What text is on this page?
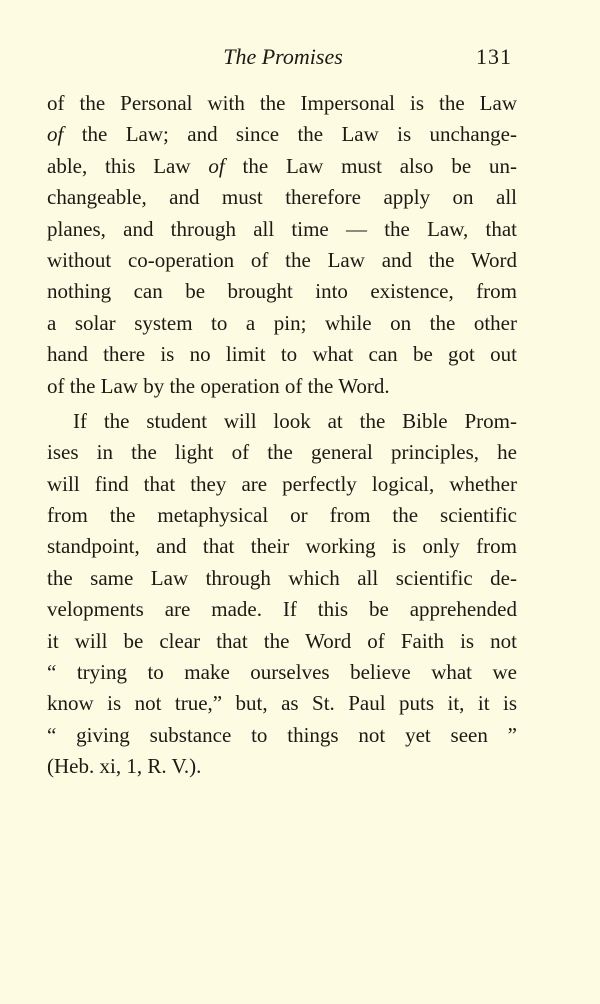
The Promises	131
of the Personal with the Impersonal is the Law
of the Law; and since the Law is unchange-
able, this Law of the Law must also be un-
changeable, and must therefore apply on all
planes, and through all time — the Law, that
without co-operation of the Law and the Word
nothing can be brought into existence, from
a solar system to a pin; while on the other
hand there is no limit to what can be got out
of the Law by the operation of the Word.
If the student will look at the Bible Prom-
ises in the light of the general principles, he
will find that they are perfectly logical, whether
from the metaphysical or from the scientific
standpoint, and that their working is only from
the same Law through which all scientific de-
velopments are made. If this be apprehended
it will be clear that the Word of Faith is not
“ trying to make ourselves believe what we
know is not true,” but, as St. Paul puts it, it is
“ giving substance to things not yet seen ”
(Heb. xi, 1, R. V.).
